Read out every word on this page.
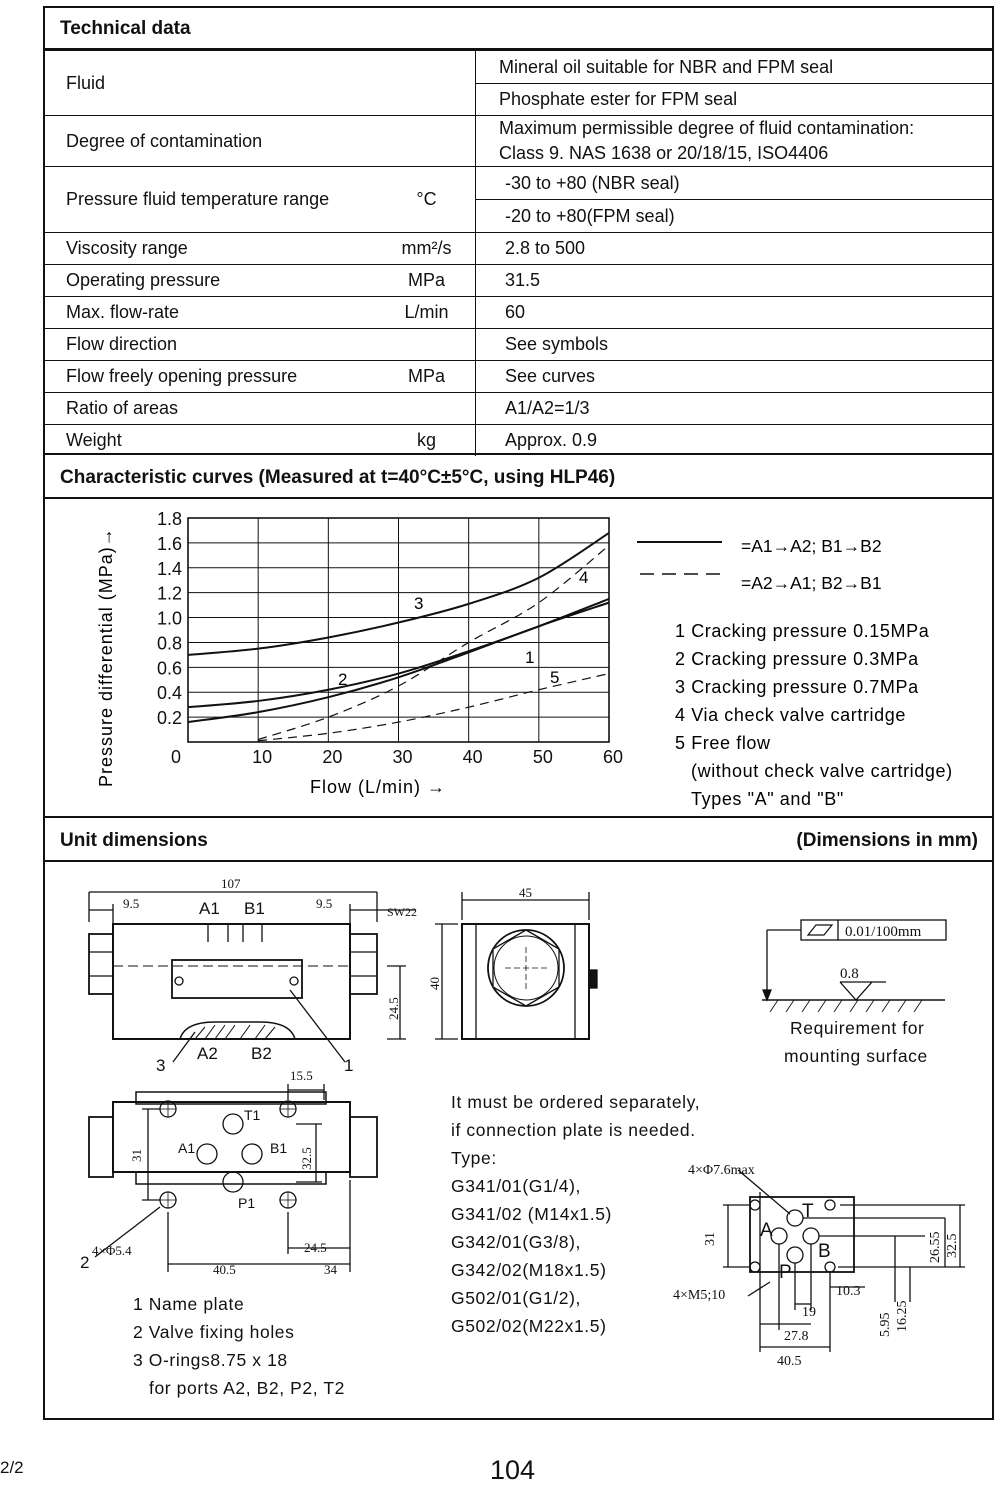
Technical data
Fluid		Mineral oil suitable for NBR and FPM seal
Phosphate ester for FPM seal

Degree of contamination		Maximum permissible degree of fluid contamination:
Class 9. NAS 1638 or 20/18/15, ISO4406

Pressure fluid temperature range	°C	-30 to +80 (NBR seal)
-20 to +80(FPM seal)

Viscosity range	mm²/s	2.8 to 500
Operating pressure	MPa	31.5
Max. flow-rate	L/min	60
Flow direction		See symbols
Flow freely opening pressure	MPa	See curves
Ratio of areas		A1/A2=1/3
Weight	kg	Approx. 0.9
Characteristic curves (Measured at t=40°C±5°C, using HLP46)
Pressure differential (MPa)→	Flow (L/min) →
0	10	20	30	40	50	60
0.2
0.4
0.6
0.8
1.0
1.2
1.4
1.6
1.8
3
2
1
4
5
=A1→A2; B1→B2
=A2→A1; B2→B1
1 Cracking pressure 0.15MPa
2 Cracking pressure 0.3MPa
3 Cracking pressure 0.7MPa
4 Via check valve cartridge
5 Free flow
(without check valve cartridge)
Types "A" and "B"
Unit dimensions	(Dimensions in mm)
107
9.5	9.5
SW22
24.5
A1 B1
A2 B2
3	1
45
40
0.01/100mm
0.8
Requirement for
mounting surface
15.5
31	32.5
4×Φ5.4	24.5
40.5	34
T1
A1	B1
P1
2
4×Φ7.6max
4×M5;10
31	26.55 32.5
10.3
19
27.8
40.5
5.95 16.25
T
A
B
P
1 Name plate
2 Valve fixing holes
3 O-rings8.75 x 18
for ports A2, B2, P2, T2
It must be ordered separately,
if connection plate is needed.
Type:
G341/01(G1/4),
G341/02 (M14x1.5)
G342/01(G3/8),
G342/02(M18x1.5)
G502/01(G1/2),
G502/02(M22x1.5)
2/2	104
